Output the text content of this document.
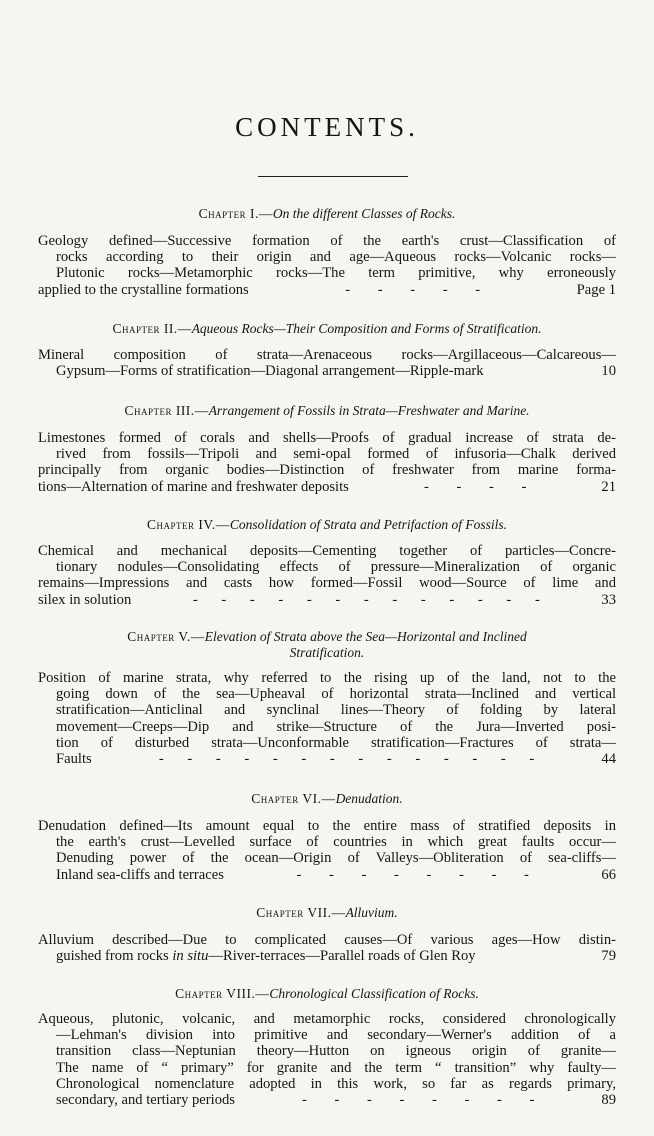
CONTENTS.
Chapter I.—On the different Classes of Rocks.
Geology defined—Successive formation of the earth's crust—Classification of
rocks according to their origin and age—Aqueous rocks—Volcanic rocks—
Plutonic rocks—Metamorphic rocks—The term primitive, why erroneously
applied to the crystalline formations	- - - - -	Page 1
Chapter II.—Aqueous Rocks—Their Composition and Forms of Stratification.
Mineral composition of strata—Arenaceous rocks—Argillaceous—Calcareous—
Gypsum—Forms of stratification—Diagonal arrangement—Ripple-mark	10
Chapter III.—Arrangement of Fossils in Strata—Freshwater and Marine.
Limestones formed of corals and shells—Proofs of gradual increase of strata de-
rived from fossils—Tripoli and semi-opal formed of infusoria—Chalk derived
principally from organic bodies—Distinction of freshwater from marine forma-
tions—Alternation of marine and freshwater deposits	- - - -	21
Chapter IV.—Consolidation of Strata and Petrifaction of Fossils.
Chemical and mechanical deposits—Cementing together of particles—Concre-
tionary nodules—Consolidating effects of pressure—Mineralization of organic
remains—Impressions and casts how formed—Fossil wood—Source of lime and
silex in solution	- - - - - - - - - - - - -	33
Chapter V.—Elevation of Strata above the Sea—Horizontal and Inclined
Stratification.
Position of marine strata, why referred to the rising up of the land, not to the
going down of the sea—Upheaval of horizontal strata—Inclined and vertical
stratification—Anticlinal and synclinal lines—Theory of folding by lateral
movement—Creeps—Dip and strike—Structure of the Jura—Inverted posi-
tion of disturbed strata—Unconformable stratification—Fractures of strata—
Faults	- - - - - - - - - - - - - -	44
Chapter VI.—Denudation.
Denudation defined—Its amount equal to the entire mass of stratified deposits in
the earth's crust—Levelled surface of countries in which great faults occur—
Denuding power of the ocean—Origin of Valleys—Obliteration of sea-cliffs—
Inland sea-cliffs and terraces	- - - - - - - -	66
Chapter VII.—Alluvium.
Alluvium described—Due to complicated causes—Of various ages—How distin-
guished from rocks in situ—River-terraces—Parallel roads of Glen Roy	79
Chapter VIII.—Chronological Classification of Rocks.
Aqueous, plutonic, volcanic, and metamorphic rocks, considered chronologically
—Lehman's division into primitive and secondary—Werner's addition of a
transition class—Neptunian theory—Hutton on igneous origin of granite—
The name of “ primary” for granite and the term “ transition” why faulty—
Chronological nomenclature adopted in this work, so far as regards primary,
secondary, and tertiary periods	- - - - - - - -	89
